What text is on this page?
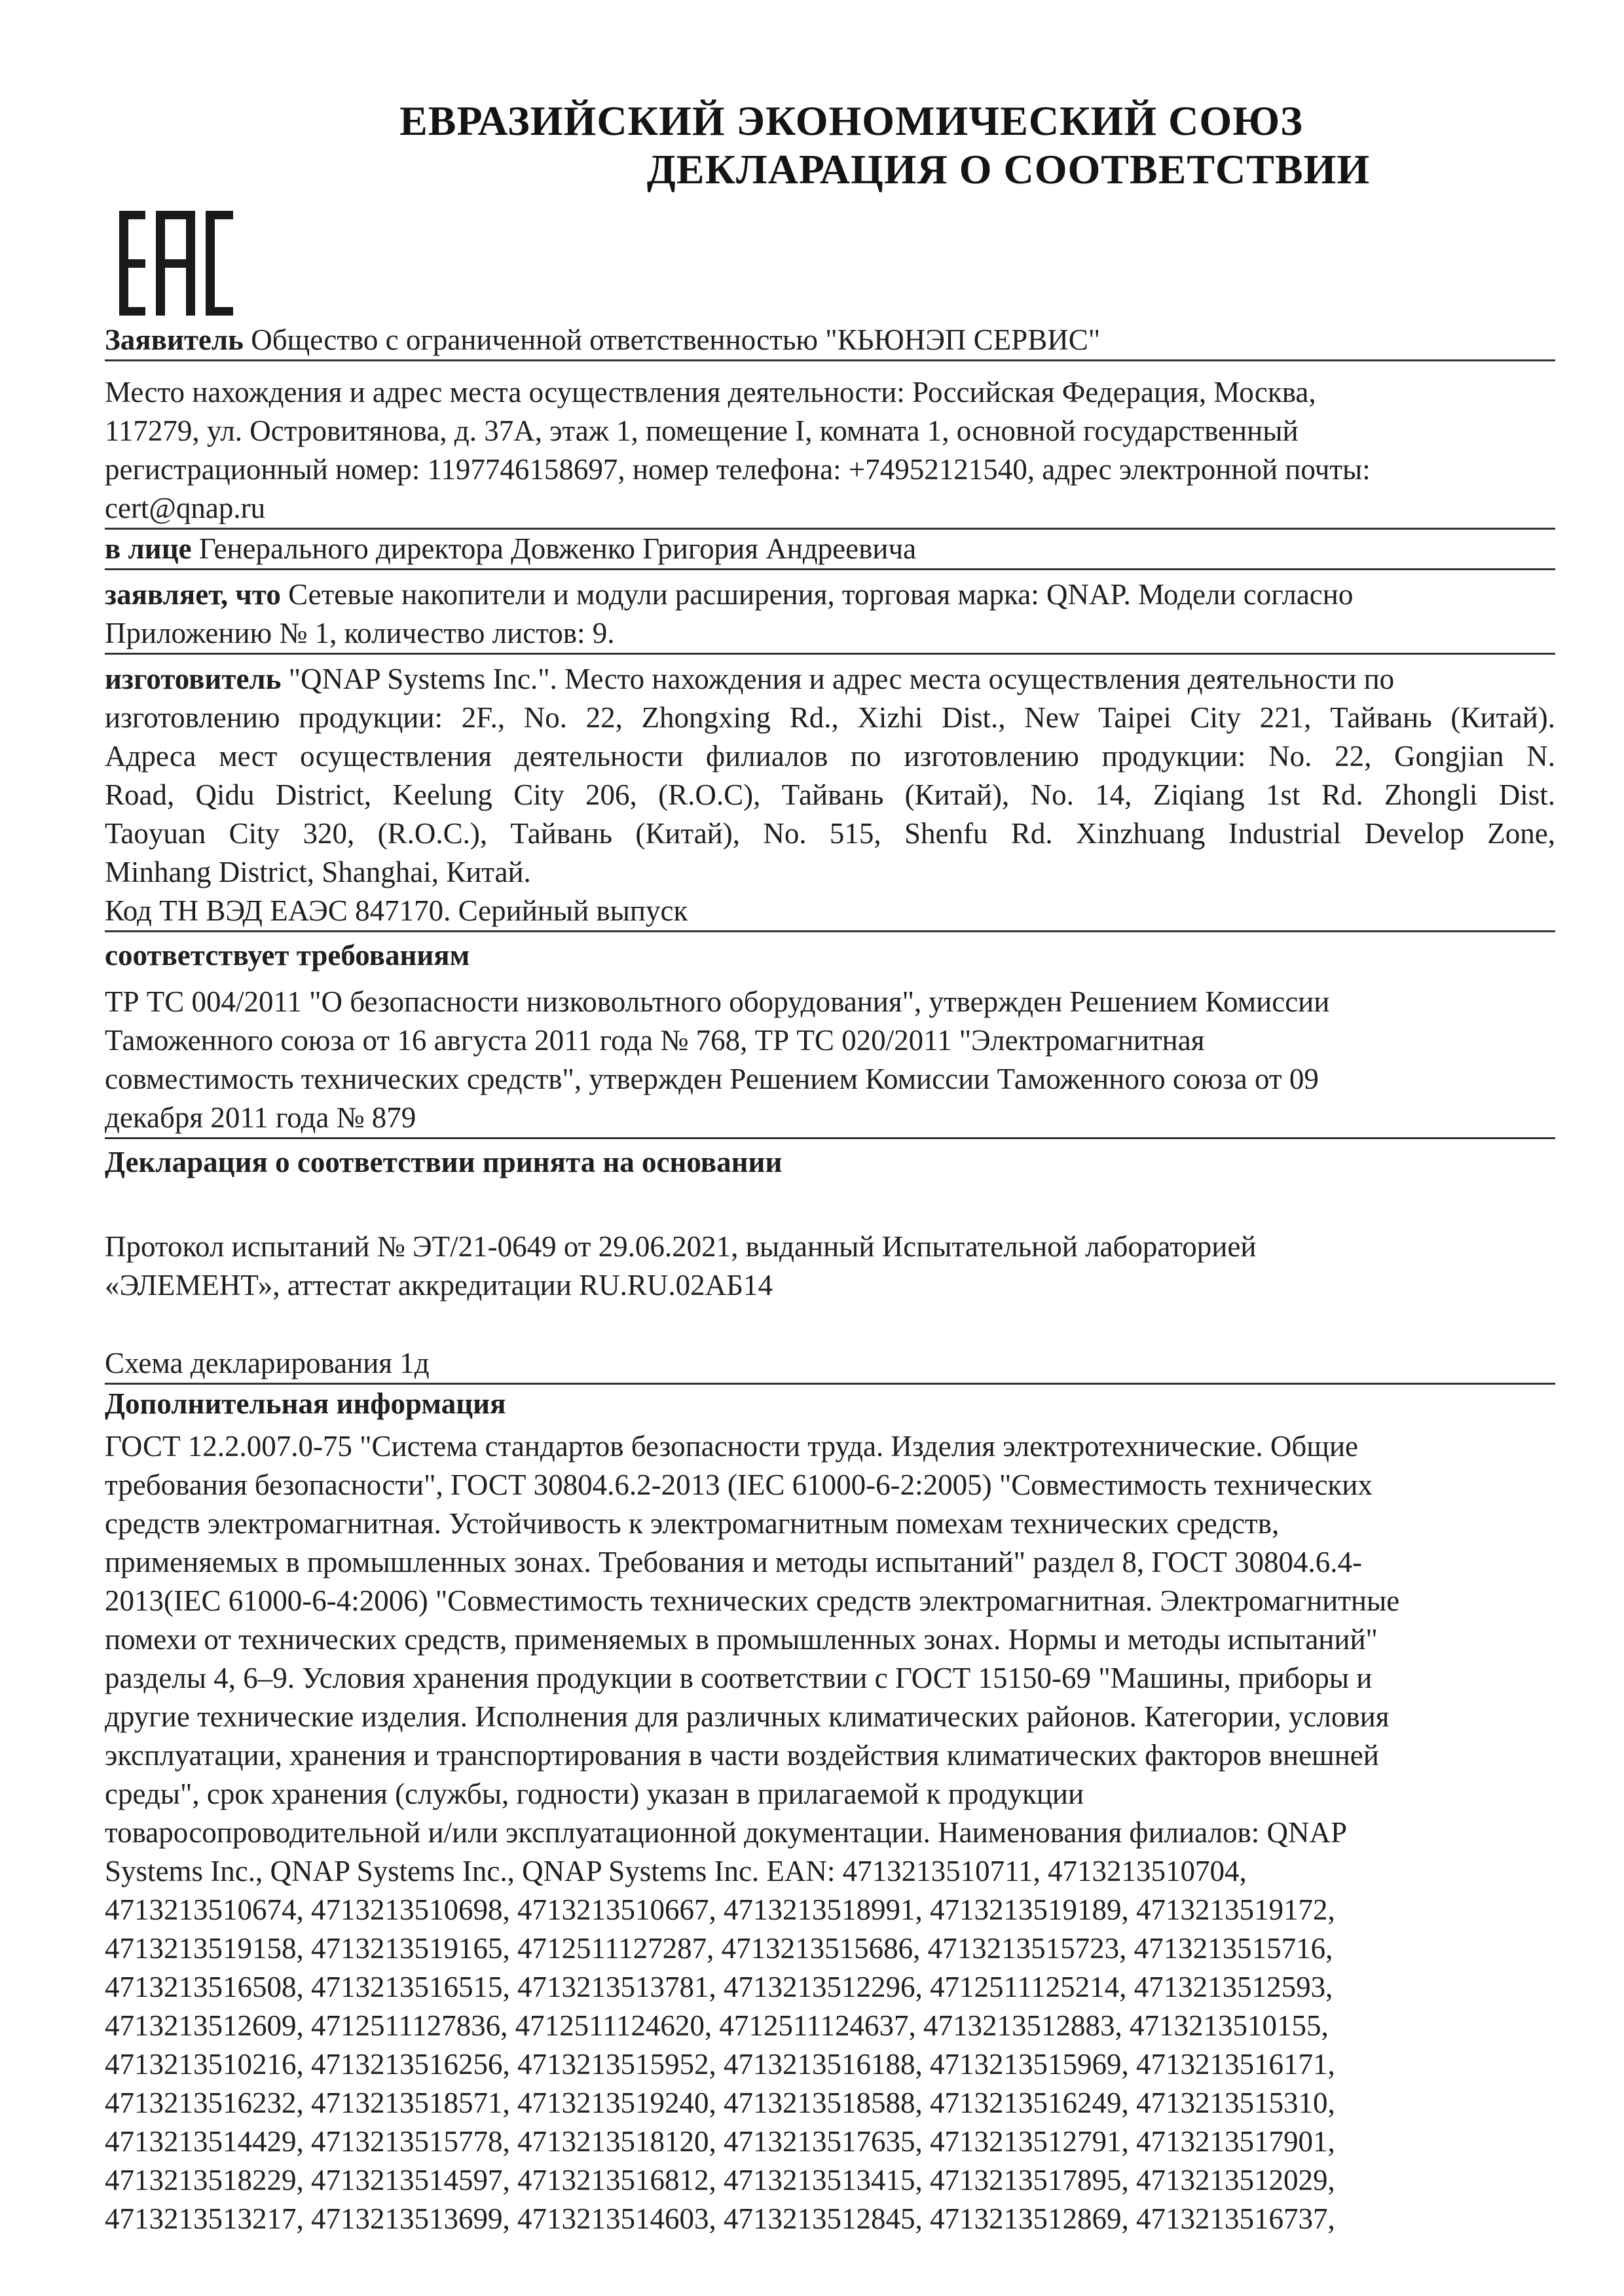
ЕВРАЗИЙСКИЙ ЭКОНОМИЧЕСКИЙ СОЮЗ
ДЕКЛАРАЦИЯ О СООТВЕТСТВИИ
Заявитель Общество с ограниченной ответственностью "КЬЮНЭП СЕРВИС"

Место нахождения и адрес места осуществления деятельности: Российская Федерация, Москва,

117279, ул. Островитянова, д. 37А, этаж 1, помещение I, комната 1, основной государственный

регистрационный номер: 1197746158697, номер телефона: +74952121540, адрес электронной почты:

cert@qnap.ru

в лице Генерального директора Довженко Григория Андреевича

заявляет, что Сетевые накопители и модули расширения, торговая марка: QNAP. Модели согласно

Приложению № 1, количество листов: 9.

изготовитель "QNAP Systems Inc.". Место нахождения и адрес места осуществления деятельности по

изготовлению продукции: 2F., No. 22, Zhongxing Rd., Xizhi Dist., New Taipei City 221, Тайвань (Китай).

Адреса мест осуществления деятельности филиалов по изготовлению продукции: No. 22, Gongjian N.

Road, Qidu District, Keelung City 206, (R.O.C), Тайвань (Китай), No. 14, Ziqiang 1st Rd. Zhongli Dist.

Taoyuan City 320, (R.O.C.), Тайвань (Китай), No. 515, Shenfu Rd. Xinzhuang Industrial Develop Zone,

Minhang District, Shanghai, Китай.

Код ТН ВЭД ЕАЭС 847170. Серийный выпуск
соответствует требованиям

ТР ТС 004/2011 "О безопасности низковольтного оборудования", утвержден Решением Комиссии

Таможенного союза от 16 августа 2011 года № 768, ТР ТС 020/2011 "Электромагнитная

совместимость технических средств", утвержден Решением Комиссии Таможенного союза от 09

декабря 2011 года № 879

Декларация о соответствии принята на основании

Протокол испытаний № ЭТ/21-0649 от 29.06.2021, выданный Испытательной лабораторией

«ЭЛЕМЕНТ», аттестат аккредитации RU.RU.02АБ14

Схема декларирования 1д
Дополнительная информация

ГОСТ 12.2.007.0-75 "Система стандартов безопасности труда. Изделия электротехнические. Общие

требования безопасности", ГОСТ 30804.6.2-2013 (IEC 61000-6-2:2005) "Совместимость технических

средств электромагнитная. Устойчивость к электромагнитным помехам технических средств,

применяемых в промышленных зонах. Требования и методы испытаний" раздел 8, ГОСТ 30804.6.4-

2013(IEC 61000-6-4:2006) "Совместимость технических средств электромагнитная. Электромагнитные

помехи от технических средств, применяемых в промышленных зонах. Нормы и методы испытаний"

разделы 4, 6–9. Условия хранения продукции в соответствии с ГОСТ 15150-69 "Машины, приборы и

другие технические изделия. Исполнения для различных климатических районов. Категории, условия

эксплуатации, хранения и транспортирования в части воздействия климатических факторов внешней

среды", срок хранения (службы, годности) указан в прилагаемой к продукции

товаросопроводительной и/или эксплуатационной документации. Наименования филиалов: QNAP

Systems Inc., QNAP Systems Inc., QNAP Systems Inc. EAN: 4713213510711, 4713213510704,

4713213510674, 4713213510698, 4713213510667, 4713213518991, 4713213519189, 4713213519172,

4713213519158, 4713213519165, 4712511127287, 4713213515686, 4713213515723, 4713213515716,

4713213516508, 4713213516515, 4713213513781, 4713213512296, 4712511125214, 4713213512593,

4713213512609, 4712511127836, 4712511124620, 4712511124637, 4713213512883, 4713213510155,

4713213510216, 4713213516256, 4713213515952, 4713213516188, 4713213515969, 4713213516171,

4713213516232, 4713213518571, 4713213519240, 4713213518588, 4713213516249, 4713213515310,

4713213514429, 4713213515778, 4713213518120, 4713213517635, 4713213512791, 4713213517901,

4713213518229, 4713213514597, 4713213516812, 4713213513415, 4713213517895, 4713213512029,

4713213513217, 4713213513699, 4713213514603, 4713213512845, 4713213512869, 4713213516737,
